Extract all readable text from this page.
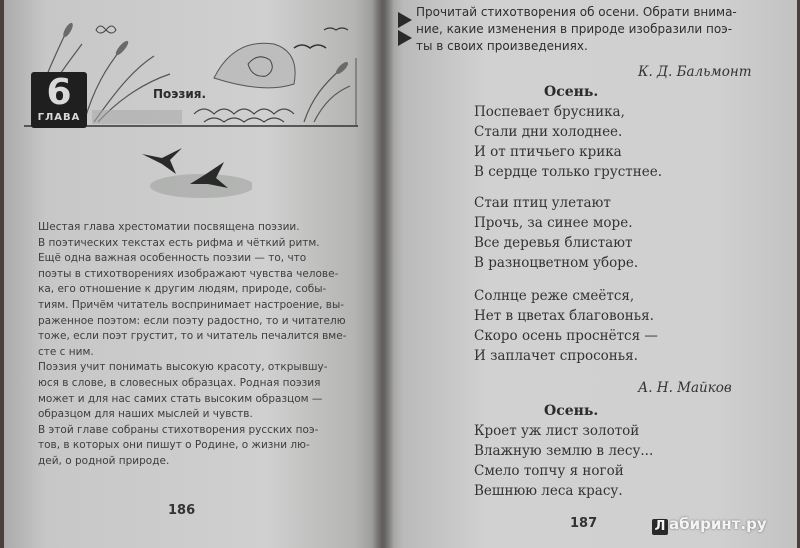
6
ГЛАВА
Поэзия.

Шестая глава хрестоматии посвящена поэзии.

В поэтических текстах есть рифма и чёткий ритм.

Ещё одна важная особенность поэзии — то, что

поэты в стихотворениях изображают чувства челове-

ка, его отношение к другим людям, природе, собы-

тиям. Причём читатель воспринимает настроение, вы-

раженное поэтом: если поэту радостно, то и читателю

тоже, если поэт грустит, то и читатель печалится вме-

сте с ним.

Поэзия учит понимать высокую красоту, открывшу-

юся в слове, в словесных образцах. Родная поэзия

может и для нас самих стать высоким образцом —

образцом для наших мыслей и чувств.

В этой главе собраны стихотворения русских поэ-

тов, в которых они пишут о Родине, о жизни лю-

дей, о родной природе.

186
Прочитай стихотворения об осени. Обрати внима-
ние, какие изменения в природе изобразили поэ-
ты в своих произведениях.
К. Д. Бальмонт
Осень.
Поспевает брусника,
Стали дни холоднее.
И от птичьего крика
В сердце только грустнее.
Стаи птиц улетают
Прочь, за синее море.
Все деревья блистают
В разноцветном уборе.
Солнце реже смеётся,
Нет в цветах благовонья.
Скоро осень проснётся —
И заплачет спросонья.
А. Н. Майков
Осень.
Кроет уж лист золотой
Влажную землю в лесу...
Смело топчу я ногой
Вешнюю леса красу.
187	Л абиринт.ру
